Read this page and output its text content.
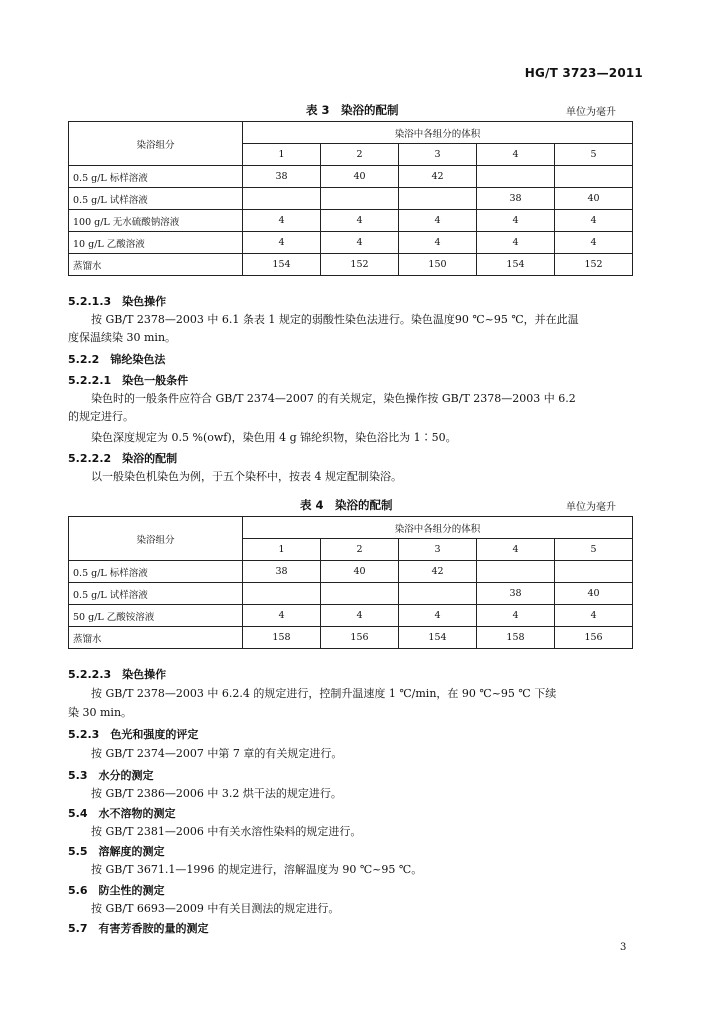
HG/T 3723—2011
表 3　染浴的配制	单位为毫升
染浴组分	染浴中各组分的体积				
	1	2	3	4	5
0.5 g/L 标样溶液	38	40	42		
0.5 g/L 试样溶液				38	40
100 g/L 无水硫酸钠溶液	4	4	4	4	4
10 g/L 乙酸溶液	4	4	4	4	4
蒸馏水	154	152	150	154	152
5.2.1.3　染色操作
按 GB/T 2378—2003 中 6.1 条表 1 规定的弱酸性染色法进行。染色温度90 ℃~95 ℃，并在此温
度保温续染 30 min。
5.2.2　锦纶染色法
5.2.2.1　染色一般条件
染色时的一般条件应符合 GB/T 2374—2007 的有关规定，染色操作按 GB/T 2378—2003 中 6.2
的规定进行。
染色深度规定为 0.5 %(owf)，染色用 4 g 锦纶织物，染色浴比为 1∶50。
5.2.2.2　染浴的配制
以一般染色机染色为例，于五个染杯中，按表 4 规定配制染浴。
表 4　染浴的配制	单位为毫升
染浴组分	染浴中各组分的体积				
	1	2	3	4	5
0.5 g/L 标样溶液	38	40	42		
0.5 g/L 试样溶液				38	40
50 g/L 乙酸铵溶液	4	4	4	4	4
蒸馏水	158	156	154	158	156
5.2.2.3　染色操作
按 GB/T 2378—2003 中 6.2.4 的规定进行，控制升温速度 1 ℃/min，在 90 ℃~95 ℃ 下续
染 30 min。
5.2.3　色光和强度的评定
按 GB/T 2374—2007 中第 7 章的有关规定进行。
5.3　水分的测定
按 GB/T 2386—2006 中 3.2 烘干法的规定进行。
5.4　水不溶物的测定
按 GB/T 2381—2006 中有关水溶性染料的规定进行。
5.5　溶解度的测定
按 GB/T 3671.1—1996 的规定进行，溶解温度为 90 ℃~95 ℃。
5.6　防尘性的测定
按 GB/T 6693—2009 中有关目测法的规定进行。
5.7　有害芳香胺的量的测定
3
